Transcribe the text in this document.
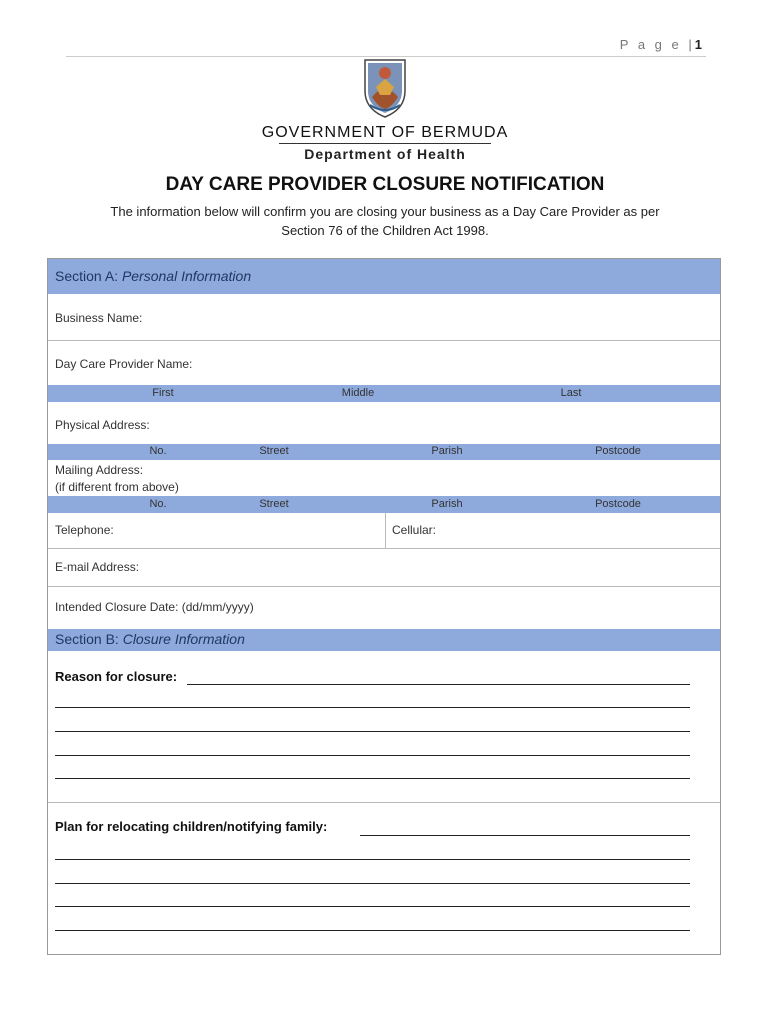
P a g e |1
GOVERNMENT OF BERMUDA
Department of Health
DAY CARE PROVIDER CLOSURE NOTIFICATION
The information below will confirm you are closing your business as a Day Care Provider as per
Section 76 of the Children Act 1998.
Section A: Personal Information
Business Name:
Day Care Provider Name:
First	Middle	Last
Physical Address:
No.	Street	Parish	Postcode
Mailing Address:
(if different from above)
No.	Street	Parish	Postcode
Telephone:	Cellular:
E-mail Address:
Intended Closure Date: (dd/mm/yyyy)
Section B: Closure Information
Reason for closure:
Plan for relocating children/notifying family:
